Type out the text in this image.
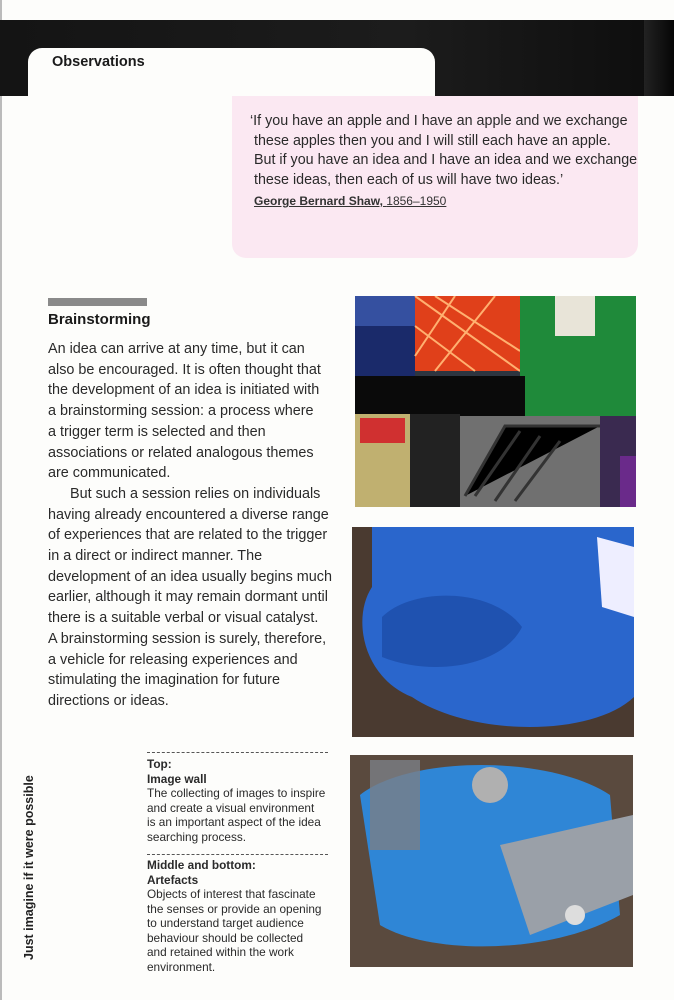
Observations
‘If you have an apple and I have an apple and we exchange
these apples then you and I will still each have an apple.
But if you have an idea and I have an idea and we exchange
these ideas, then each of us will have two ideas.’
George Bernard Shaw, 1856–1950
Brainstorming
An idea can arrive at any time, but it can
also be encouraged. It is often thought that
the development of an idea is initiated with
a brainstorming session: a process where
a trigger term is selected and then
associations or related analogous themes
are communicated.
But such a session relies on individuals
having already encountered a diverse range
of experiences that are related to the trigger
in a direct or indirect manner. The
development of an idea usually begins much
earlier, although it may remain dormant until
there is a suitable verbal or visual catalyst.
A brainstorming session is surely, therefore,
a vehicle for releasing experiences and
stimulating the imagination for future
directions or ideas.
Top:
Image wall
The collecting of images to inspire
and create a visual environment
is an important aspect of the idea
searching process.
Middle and bottom:
Artefacts
Objects of interest that fascinate
the senses or provide an opening
to understand target audience
behaviour should be collected
and retained within the work
environment.
Just imagine if it were possible
